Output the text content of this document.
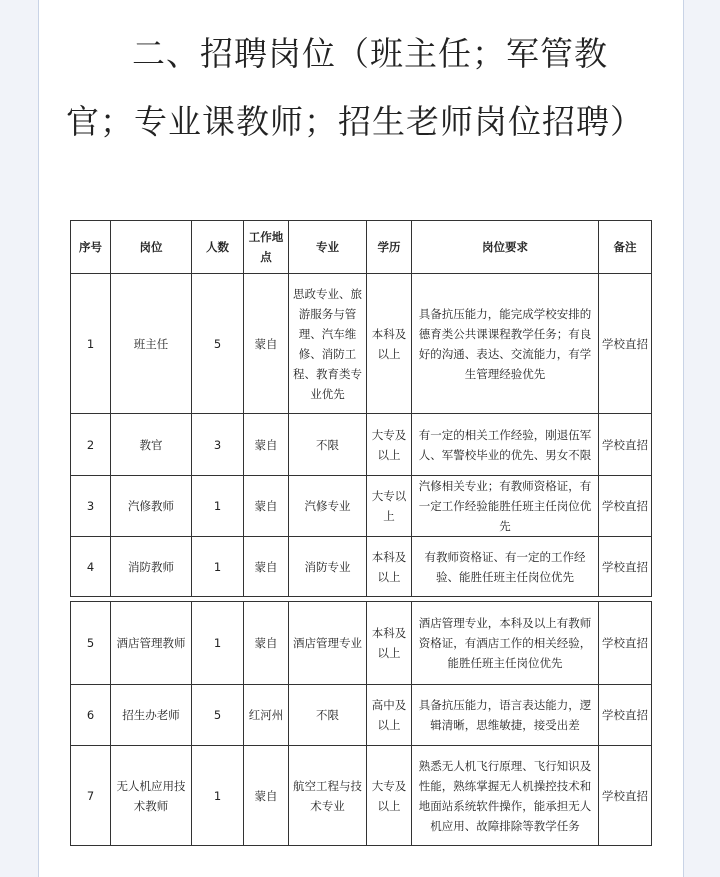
二、招聘岗位（班主任；军管教
官；专业课教师；招生老师岗位招聘）
序号	岗位	人数	工作地点	专业	学历	岗位要求	备注
1	班主任	5	蒙自	思政专业、旅游服务与管理、汽车维修、消防工程、教育类专业优先	本科及以上	具备抗压能力，能完成学校安排的德育类公共课课程教学任务；有良好的沟通、表达、交流能力，有学生管理经验优先	学校直招
2	教官	3	蒙自	不限	大专及以上	有一定的相关工作经验，刚退伍军人、军警校毕业的优先、男女不限	学校直招
3	汽修教师	1	蒙自	汽修专业	大专以上	汽修相关专业；有教师资格证，有一定工作经验能胜任班主任岗位优先	学校直招
4	消防教师	1	蒙自	消防专业	本科及以上	有教师资格证、有一定的工作经验、能胜任班主任岗位优先	学校直招
5	酒店管理教师	1	蒙自	酒店管理专业	本科及以上	酒店管理专业，本科及以上有教师资格证，有酒店工作的相关经验，能胜任班主任岗位优先	学校直招
6	招生办老师	5	红河州	不限	高中及以上	具备抗压能力，语言表达能力，逻辑清晰，思维敏捷，接受出差	学校直招
7	无人机应用技术教师	1	蒙自	航空工程与技术专业	大专及以上	熟悉无人机飞行原理、飞行知识及性能，熟练掌握无人机操控技术和地面站系统软件操作，能承担无人机应用、故障排除等教学任务	学校直招
